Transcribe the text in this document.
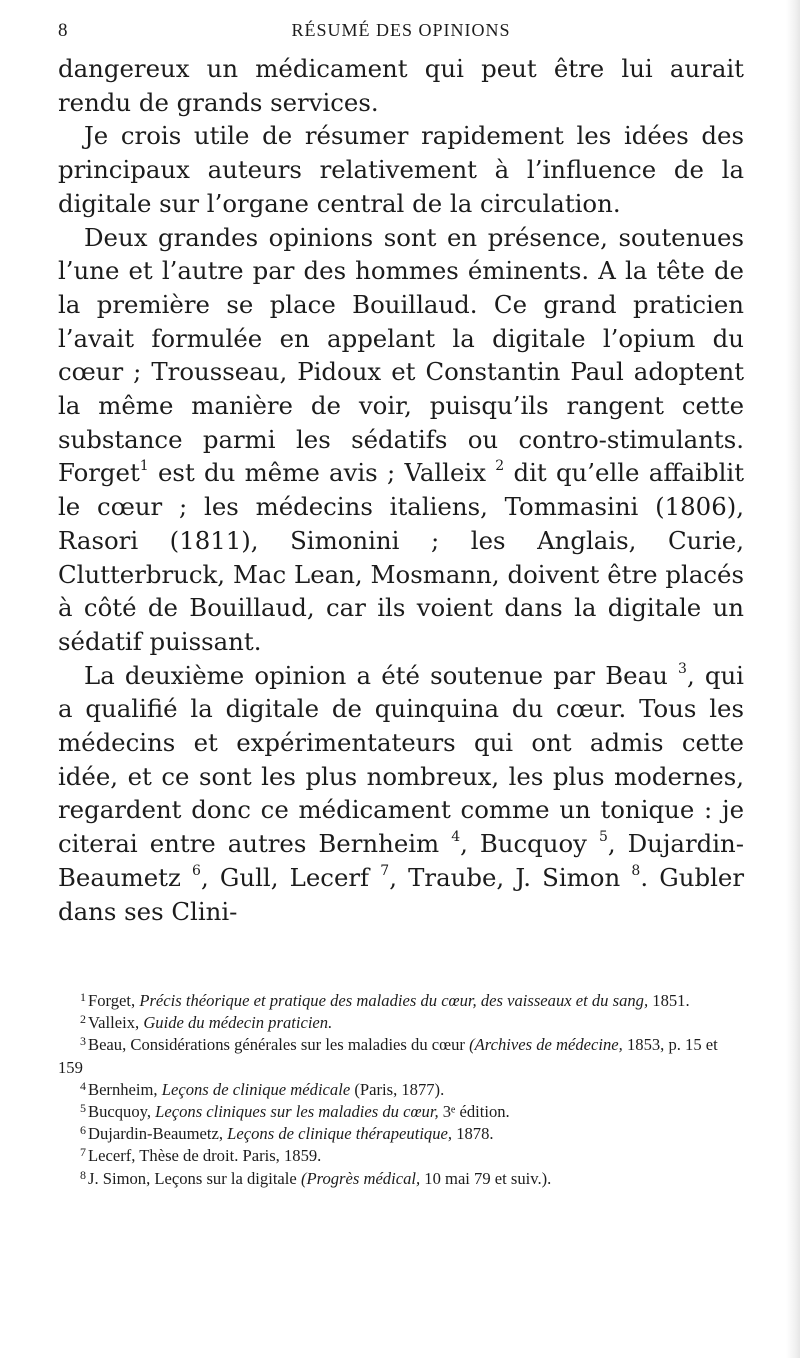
8	RÉSUMÉ DES OPINIONS

dangereux un médicament qui peut être lui aurait rendu de grands services.

Je crois utile de résumer rapidement les idées des principaux auteurs relativement à l’influence de la digitale sur l’organe central de la circulation.

Deux grandes opinions sont en présence, soutenues l’une et l’autre par des hommes éminents. A la tête de la première se place Bouillaud. Ce grand praticien l’avait formulée en appelant la digitale l’opium du cœur ; Trousseau, Pidoux et Constantin Paul adoptent la même manière de voir, puisqu’ils rangent cette substance parmi les sédatifs ou contro-stimulants. Forget$^1$ est du même avis ; Valleix $^2$ dit qu’elle affaiblit le cœur ; les médecins italiens, Tommasini (1806), Rasori (1811), Simonini ; les Anglais, Curie, Clutterbruck, Mac Lean, Mosmann, doivent être placés à côté de Bouillaud, car ils voient dans la digitale un sédatif puissant.

La deuxième opinion a été soutenue par Beau $^3$, qui a qualifié la digitale de quinquina du cœur. Tous les médecins et expérimentateurs qui ont admis cette idée, et ce sont les plus nombreux, les plus modernes, regardent donc ce médicament comme un tonique : je citerai entre autres Bernheim $^4$, Bucquoy $^5$, Dujardin-Beaumetz $^6$, Gull, Lecerf $^7$, Traube, J. Simon $^8$. Gubler dans ses Clini-

$^1$ Forget, Précis théorique et pratique des maladies du cœur, des vaisseaux et du sang, 1851.

$^2$ Valleix, Guide du médecin praticien.

$^3$ Beau, Considérations générales sur les maladies du cœur (Archives de médecine, 1853, p. 15 et 159

$^4$ Bernheim, Leçons de clinique médicale (Paris, 1877).

$^5$ Bucquoy, Leçons cliniques sur les maladies du cœur, 3ᵉ édition.

$^6$ Dujardin-Beaumetz, Leçons de clinique thérapeutique, 1878.

$^7$ Lecerf, Thèse de droit. Paris, 1859.

$^8$ J. Simon, Leçons sur la digitale (Progrès médical, 10 mai 79 et suiv.).
